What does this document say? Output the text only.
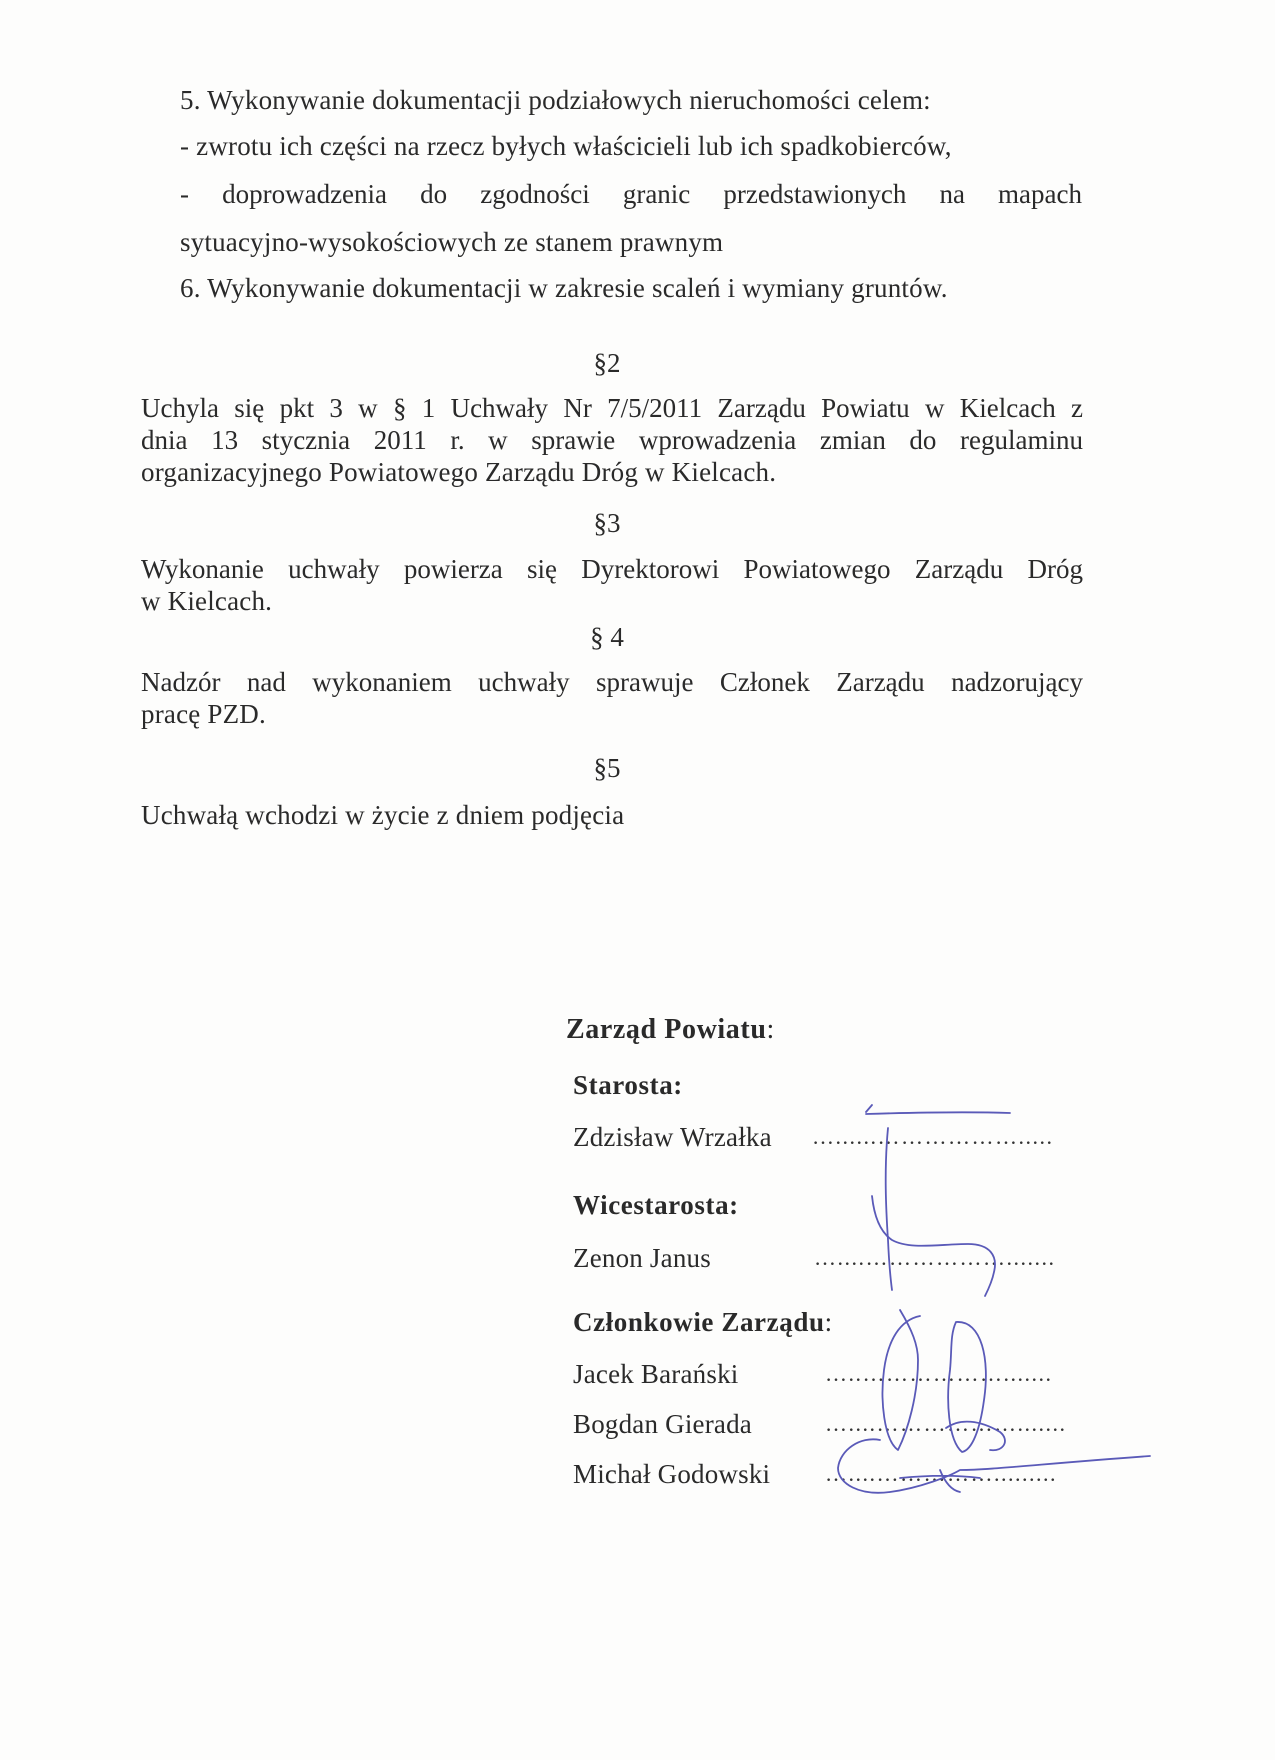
5. Wykonywanie dokumentacji podziałowych nieruchomości celem:
- zwrotu ich części na rzecz byłych właścicieli lub ich spadkobierców,
- doprowadzenia do zgodności granic przedstawionych na mapach
sytuacyjno-wysokościowych ze stanem prawnym
6. Wykonywanie dokumentacji w zakresie scaleń i wymiany gruntów.
§2
Uchyla się pkt 3 w § 1 Uchwały Nr 7/5/2011 Zarządu Powiatu w Kielcach z
dnia 13 stycznia 2011 r. w sprawie wprowadzenia zmian do regulaminu
organizacyjnego Powiatowego Zarządu Dróg w Kielcach.
§3
Wykonanie uchwały powierza się Dyrektorowi Powiatowego Zarządu Dróg
w Kielcach.
§ 4
Nadzór nad wykonaniem uchwały sprawuje Członek Zarządu nadzorujący
pracę PZD.
§5
Uchwałą wchodzi w życie z dniem podjęcia
Zarząd Powiatu:
Starosta:
Zdzisław Wrzałka …......……………….....
Wicestarosta:
Zenon Janus	…....……………….......
Członkowie Zarządu:
Jacek Barański	…..……………….......
Bogdan Gierada	…....……………….......
Michał Godowski …....…………….........
